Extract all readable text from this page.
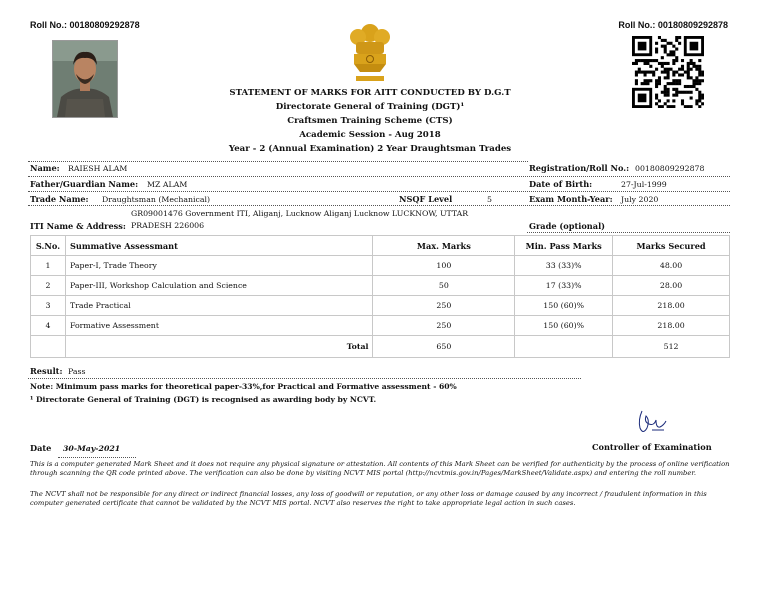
Roll No.: 00180809292878	Roll No.: 00180809292878
STATEMENT OF MARKS FOR AITT CONDUCTED BY D.G.T
Directorate General of Training (DGT)¹
Craftsmen Training Scheme (CTS)
Academic Session - Aug 2018
Year - 2 (Annual Examination) 2 Year Draughtsman Trades
Name: RAIESH ALAM
Father/Guardian Name: MZ ALAM
Trade Name: Draughtsman (Mechanical)	NSQF Level	5
GR09001476 Government ITI, Aliganj, Lucknow Aliganj Lucknow LUCKNOW, UTTAR
ITI Name & Address: PRADESH 226006
Registration/Roll No.: 00180809292878
Date of Birth:	27-Jul-1999
Exam Month-Year: July 2020
Grade (optional)
S.No.	Summative Assessmant	Max. Marks	Min. Pass Marks	Marks Secured
1	Paper-I, Trade Theory	100	33 (33)%	48.00
2	Paper-III, Workshop Calculation and Science	50	17 (33)%	28.00
3	Trade Practical	250	150 (60)%	218.00
4	Formative Assessment	250	150 (60)%	218.00
	Total	650		512
Result: Pass
Note: Minimum pass marks for theoretical paper-33%,for Practical and Formative assessment - 60%
¹ Directorate General of Training (DGT) is recognised as awarding body by NCVT.
Controller of Examination
Date 30-May-2021
This is a computer generated Mark Sheet and it does not require any physical signature or attestation. All contents of this Mark Sheet can be verified for authenticity by the process of online verification through scanning the QR code printed above. The verification can also be done by visiting NCVT MIS portal (http://ncvtmis.gov.in/Pages/MarkSheet/Validate.aspx) and entering the roll number.
The NCVT shall not be responsible for any direct or indirect financial losses, any loss of goodwill or reputation, or any other loss or damage caused by any incorrect / fraudulent information in this computer generated certificate that cannot be validated by the NCVT MIS portal. NCVT also reserves the right to take appropriate legal action in such cases.
